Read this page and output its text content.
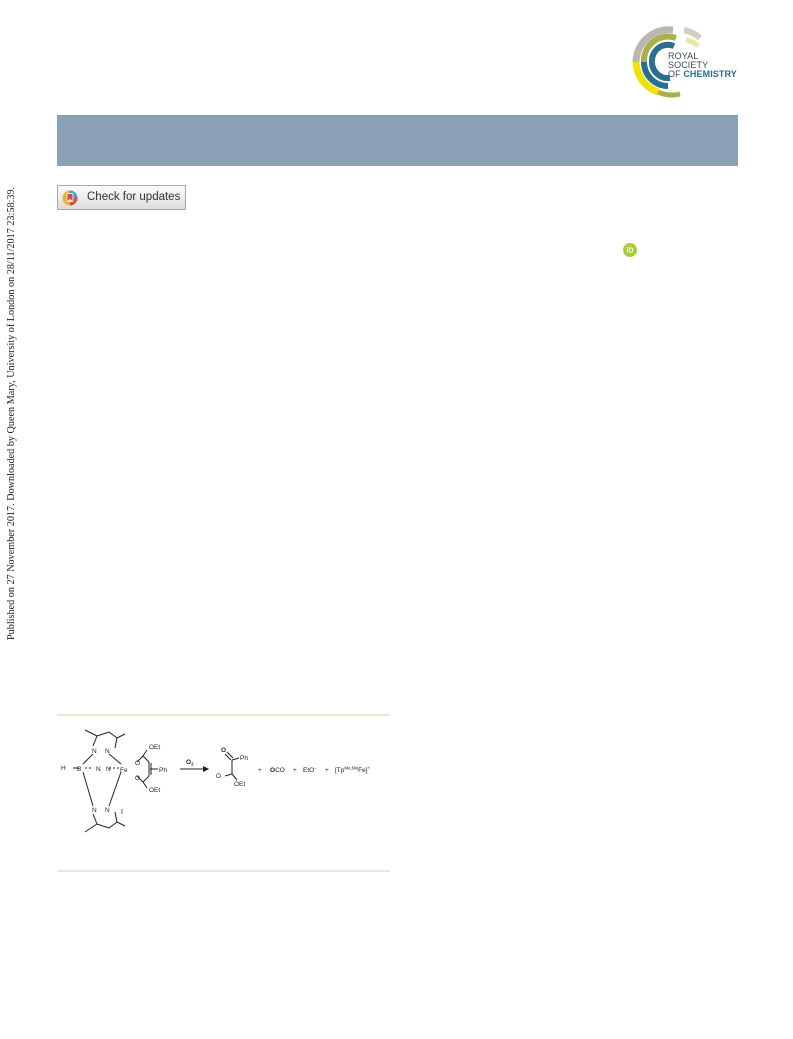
Published on 27 November 2017. Downloaded by Queen Mary, University of London on 28/11/2017 23:58:39.
ROYAL SOCIETY
OF CHEMISTRY
Check for updates
iD
H B
N N
N N
N N
Fe
O
O
OEt
Ph
OEt
I
$O_2$
O
Ph
O
OEt
+ OCO + $EtO^- + [Tp^{Me,Me}Fe]^+$
